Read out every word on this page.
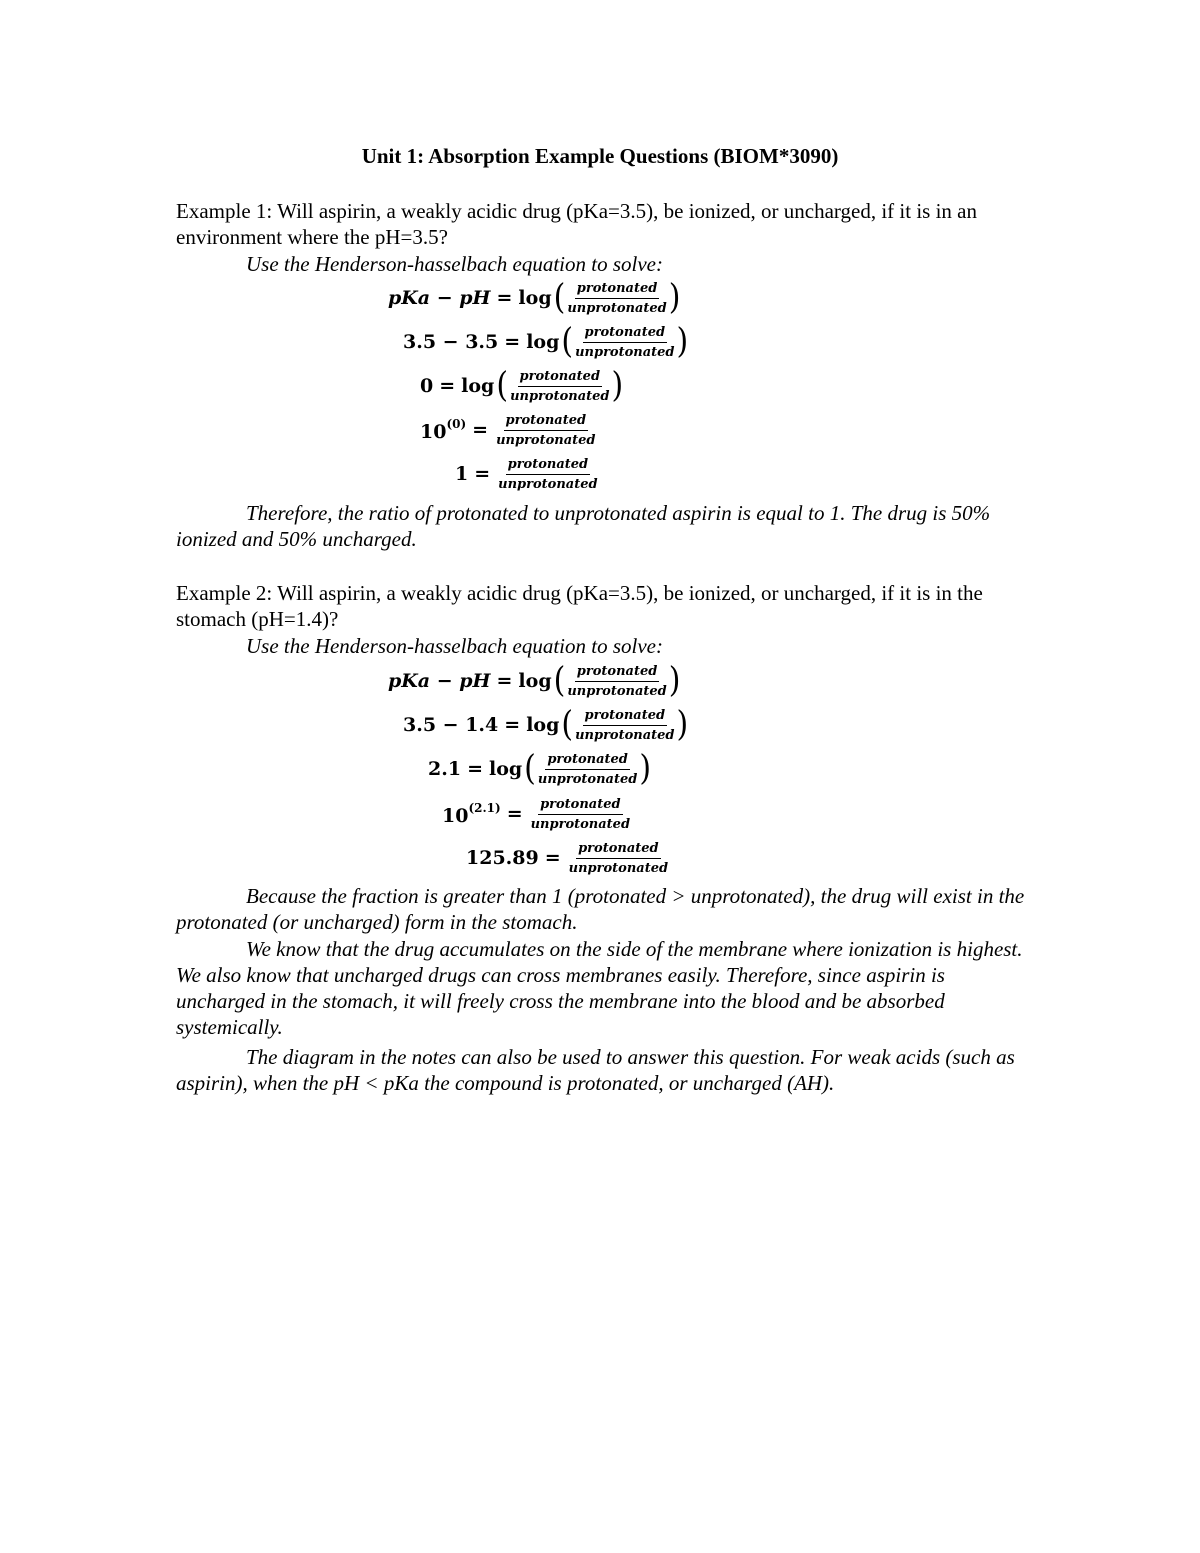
Unit 1: Absorption Example Questions (BIOM*3090)

Example 1: Will aspirin, a weakly acidic drug (pKa=3.5), be ionized, or uncharged, if it is in an environment where the pH=3.5?

Use the Henderson-hasselbach equation to solve:

pKa − pH = log ( $\frac{\text{protonated}}{\text{unprotonated}}$ )
3.5 − 3.5 = log ( $\frac{\text{protonated}}{\text{unprotonated}}$ )
0 = log ( $\frac{\text{protonated}}{\text{unprotonated}}$ )
$10^{(0)} = \frac{\text{protonated}}{\text{unprotonated}}$
$1 = \frac{\text{protonated}}{\text{unprotonated}}$

Therefore, the ratio of protonated to unprotonated aspirin is equal to 1. The drug is 50% ionized and 50% uncharged.

Example 2: Will aspirin, a weakly acidic drug (pKa=3.5), be ionized, or uncharged, if it is in the stomach (pH=1.4)?

Use the Henderson-hasselbach equation to solve:

pKa − pH = log ( $\frac{\text{protonated}}{\text{unprotonated}}$ )
3.5 − 1.4 = log ( $\frac{\text{protonated}}{\text{unprotonated}}$ )
2.1 = log ( $\frac{\text{protonated}}{\text{unprotonated}}$ )
$10^{(2.1)} = \frac{\text{protonated}}{\text{unprotonated}}$
$125.89 = \frac{\text{protonated}}{\text{unprotonated}}$

Because the fraction is greater than 1 (protonated > unprotonated), the drug will exist in the protonated (or uncharged) form in the stomach.

We know that the drug accumulates on the side of the membrane where ionization is highest. We also know that uncharged drugs can cross membranes easily. Therefore, since aspirin is uncharged in the stomach, it will freely cross the membrane into the blood and be absorbed systemically.

The diagram in the notes can also be used to answer this question. For weak acids (such as aspirin), when the pH < pKa the compound is protonated, or uncharged (AH).
